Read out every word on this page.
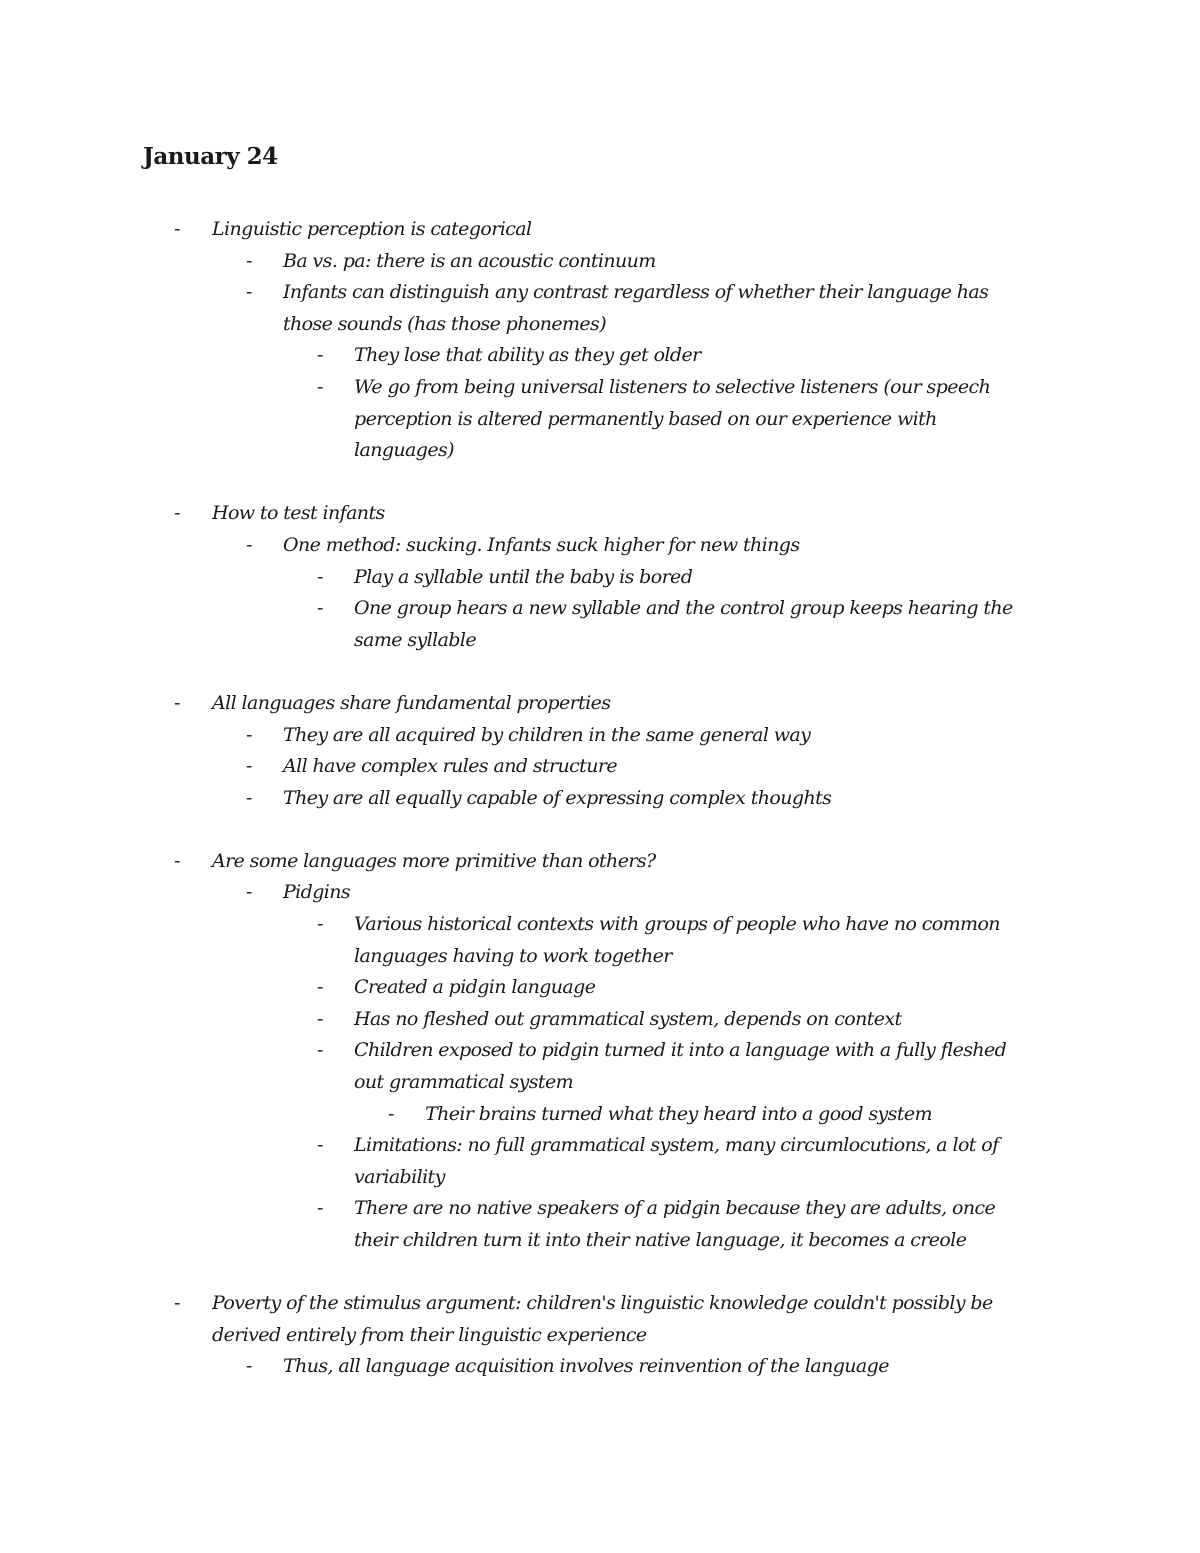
January 24
- Linguistic perception is categorical
- Ba vs. pa: there is an acoustic continuum
- Infants can distinguish any contrast regardless of whether their language has
those sounds (has those phonemes)
- They lose that ability as they get older
- We go from being universal listeners to selective listeners (our speech
perception is altered permanently based on our experience with
languages)
- How to test infants
- One method: sucking. Infants suck higher for new things
- Play a syllable until the baby is bored
- One group hears a new syllable and the control group keeps hearing the
same syllable
- All languages share fundamental properties
- They are all acquired by children in the same general way
- All have complex rules and structure
- They are all equally capable of expressing complex thoughts
- Are some languages more primitive than others?
- Pidgins
- Various historical contexts with groups of people who have no common
languages having to work together
- Created a pidgin language
- Has no fleshed out grammatical system, depends on context
- Children exposed to pidgin turned it into a language with a fully fleshed
out grammatical system
- Their brains turned what they heard into a good system
- Limitations: no full grammatical system, many circumlocutions, a lot of
variability
- There are no native speakers of a pidgin because they are adults, once
their children turn it into their native language, it becomes a creole
- Poverty of the stimulus argument: children's linguistic knowledge couldn't possibly be
derived entirely from their linguistic experience
- Thus, all language acquisition involves reinvention of the language
